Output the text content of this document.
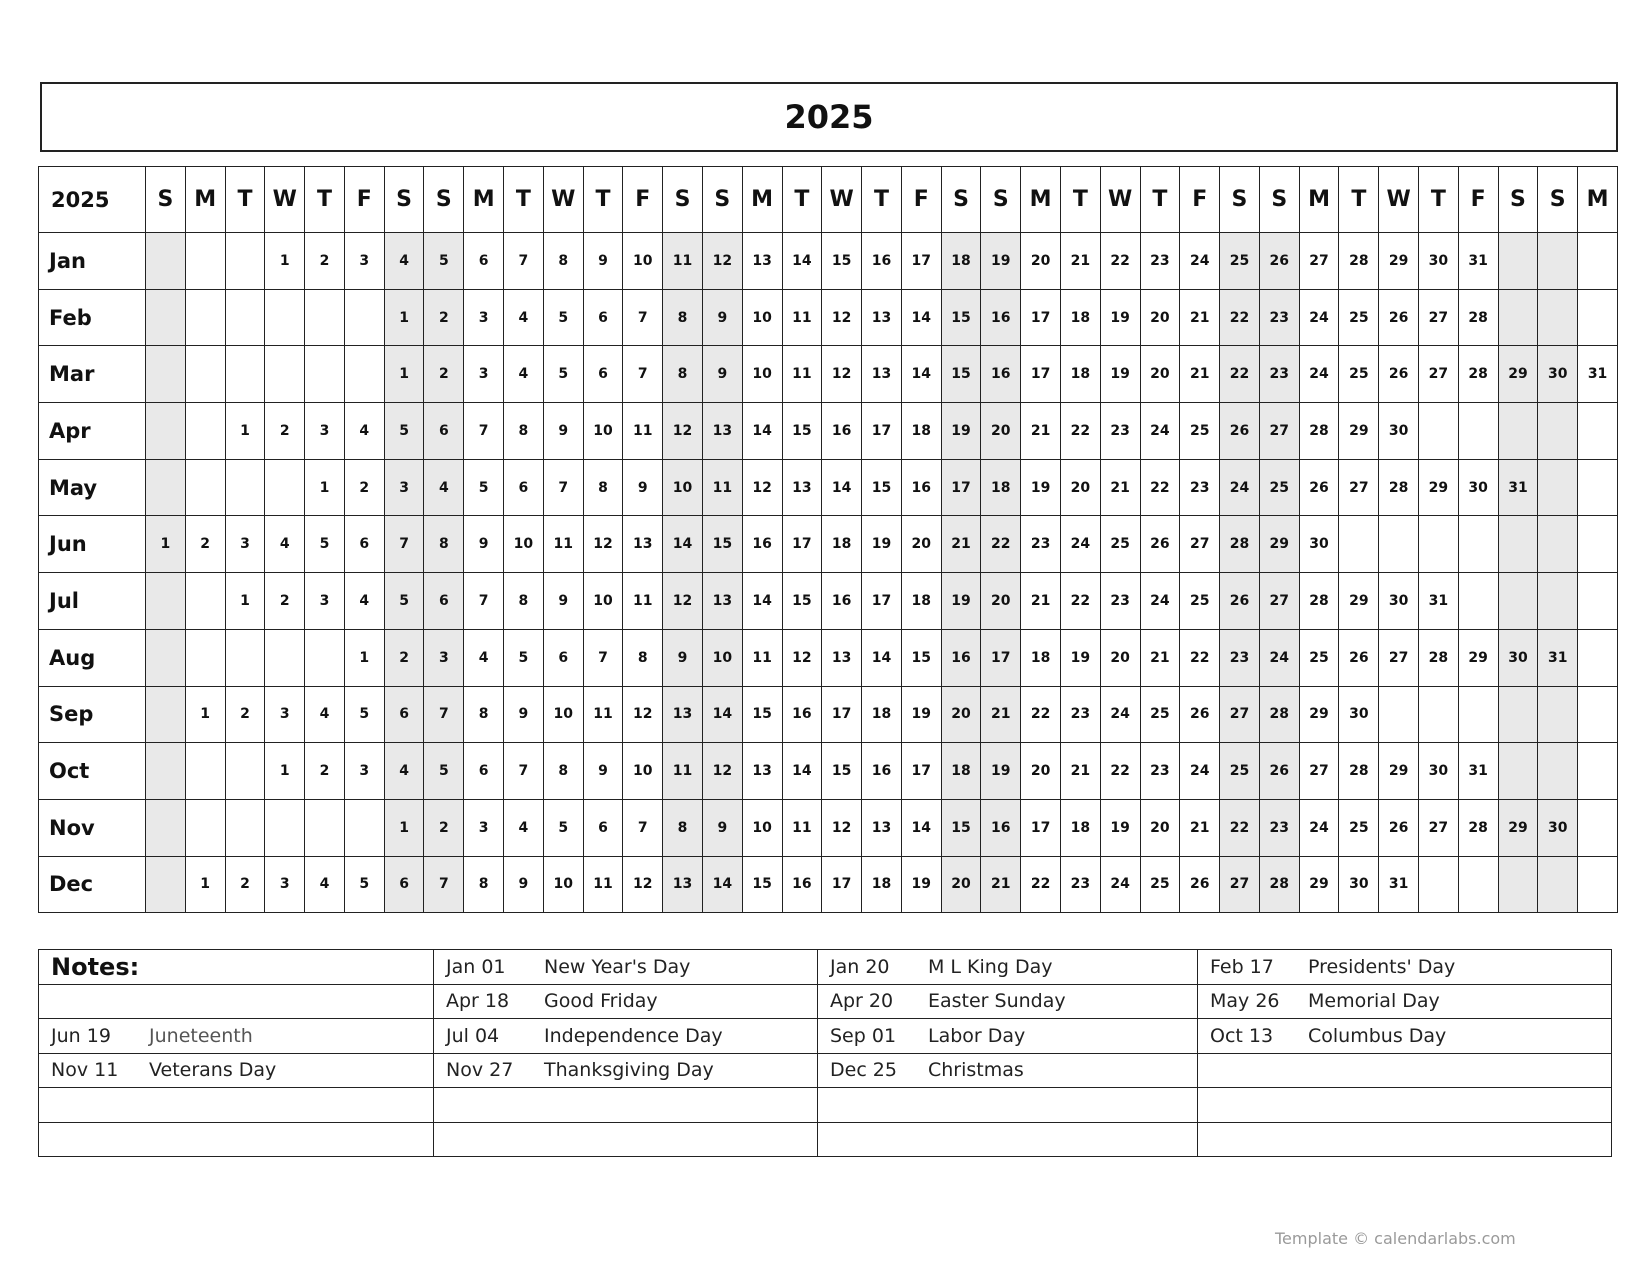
2025
2025	S	M	T	W	T	F	S	S	M	T	W	T	F	S	S	M	T	W	T	F	S	S	M	T	W	T	F	S	S	M	T	W	T	F	S	S	M
Jan				1	2	3	4	5	6	7	8	9	10	11	12	13	14	15	16	17	18	19	20	21	22	23	24	25	26	27	28	29	30	31			
Feb							1	2	3	4	5	6	7	8	9	10	11	12	13	14	15	16	17	18	19	20	21	22	23	24	25	26	27	28			
Mar							1	2	3	4	5	6	7	8	9	10	11	12	13	14	15	16	17	18	19	20	21	22	23	24	25	26	27	28	29	30	31
Apr			1	2	3	4	5	6	7	8	9	10	11	12	13	14	15	16	17	18	19	20	21	22	23	24	25	26	27	28	29	30					
May					1	2	3	4	5	6	7	8	9	10	11	12	13	14	15	16	17	18	19	20	21	22	23	24	25	26	27	28	29	30	31		
Jun	1	2	3	4	5	6	7	8	9	10	11	12	13	14	15	16	17	18	19	20	21	22	23	24	25	26	27	28	29	30							
Jul			1	2	3	4	5	6	7	8	9	10	11	12	13	14	15	16	17	18	19	20	21	22	23	24	25	26	27	28	29	30	31				
Aug						1	2	3	4	5	6	7	8	9	10	11	12	13	14	15	16	17	18	19	20	21	22	23	24	25	26	27	28	29	30	31	
Sep		1	2	3	4	5	6	7	8	9	10	11	12	13	14	15	16	17	18	19	20	21	22	23	24	25	26	27	28	29	30						
Oct				1	2	3	4	5	6	7	8	9	10	11	12	13	14	15	16	17	18	19	20	21	22	23	24	25	26	27	28	29	30	31			
Nov							1	2	3	4	5	6	7	8	9	10	11	12	13	14	15	16	17	18	19	20	21	22	23	24	25	26	27	28	29	30	
Dec		1	2	3	4	5	6	7	8	9	10	11	12	13	14	15	16	17	18	19	20	21	22	23	24	25	26	27	28	29	30	31					
Notes:	Jan 01 New Year's Day	Jan 20 M L King Day	Feb 17 Presidents' Day
	Apr 18 Good Friday	Apr 20 Easter Sunday	May 26 Memorial Day
Jun 19 Juneteenth	Jul 04 Independence Day	Sep 01 Labor Day	Oct 13 Columbus Day
Nov 11 Veterans Day	Nov 27 Thanksgiving Day	Dec 25 Christmas	

Template © calendarlabs.com
